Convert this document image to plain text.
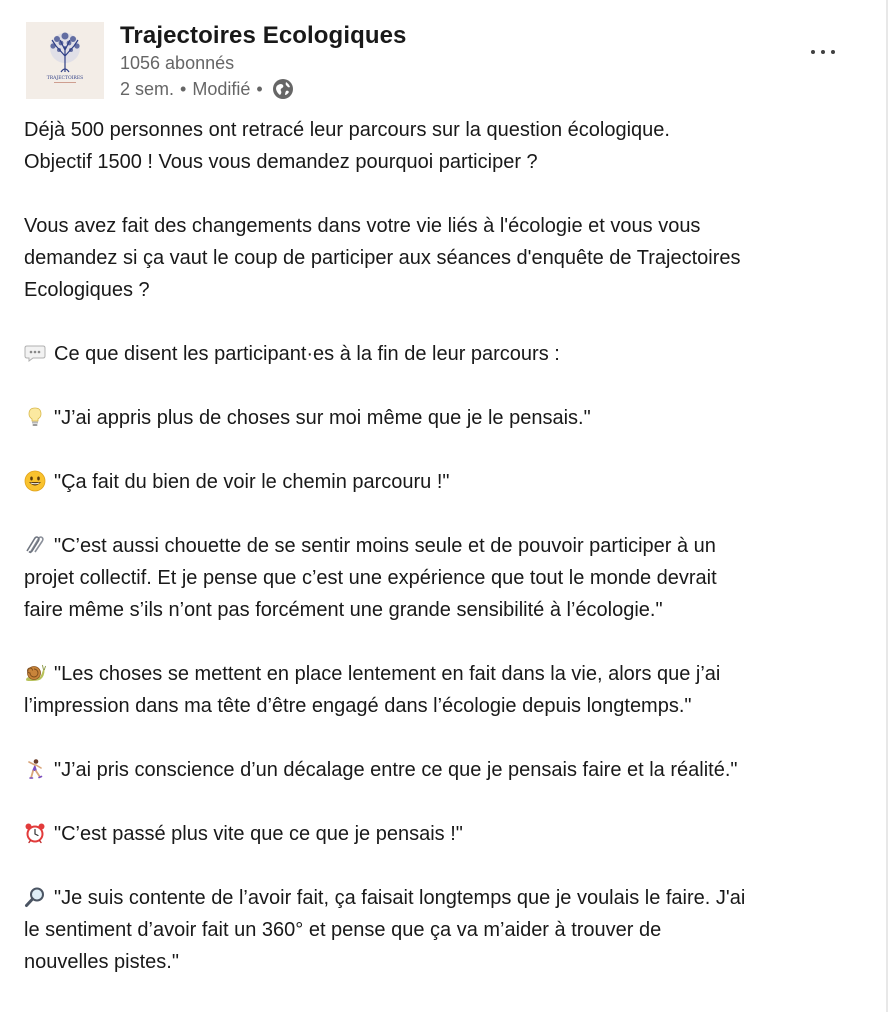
TRAJECTOIRES
Trajectoires Ecologiques
1056 abonnés
2 sem. • Modifié •

Déjà 500 personnes ont retracé leur parcours sur la question écologique.
Objectif 1500 ! Vous vous demandez pourquoi participer ?

Vous avez fait des changements dans votre vie liés à l'écologie et vous vous
demandez si ça vaut le coup de participer aux séances d'enquête de Trajectoires
Ecologiques ?

Ce que disent les participant·es à la fin de leur parcours :

"J’ai appris plus de choses sur moi même que je le pensais."

"Ça fait du bien de voir le chemin parcouru !"

"C’est aussi chouette de se sentir moins seule et de pouvoir participer à un
projet collectif. Et je pense que c’est une expérience que tout le monde devrait
faire même s’ils n’ont pas forcément une grande sensibilité à l’écologie."

"Les choses se mettent en place lentement en fait dans la vie, alors que j’ai
l’impression dans ma tête d’être engagé dans l’écologie depuis longtemps."

"J’ai pris conscience d’un décalage entre ce que je pensais faire et la réalité."

"C’est passé plus vite que ce que je pensais !"

"Je suis contente de l’avoir fait, ça faisait longtemps que je voulais le faire. J'ai
le sentiment d’avoir fait un 360° et pense que ça va m’aider à trouver de
nouvelles pistes."
